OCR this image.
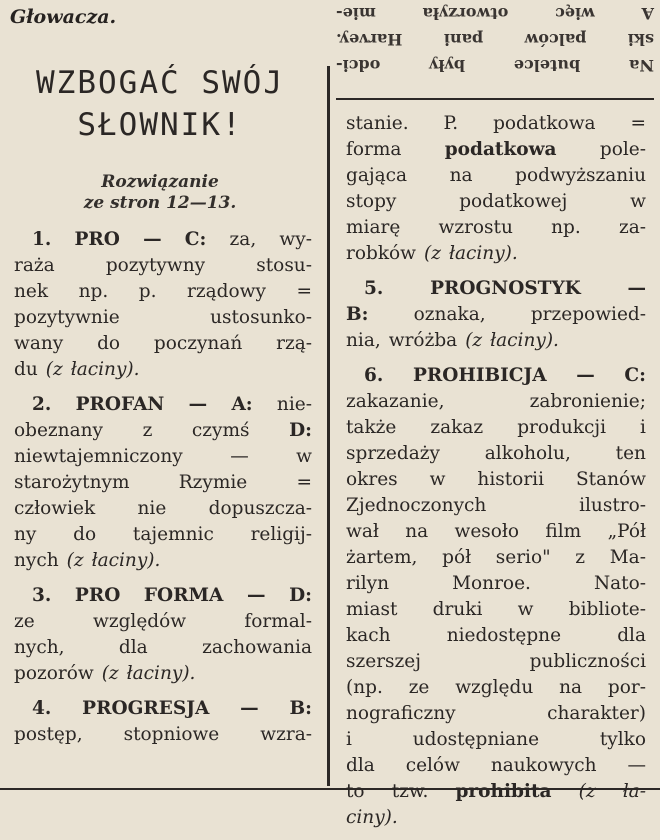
Głowacza.
Na butelce były odci-
ski palców pani Harvey.
A więc otworzyła mie-
WZBOGAĆ SWÓJ
SŁOWNIK!
Rozwiązanie
ze stron 12—13.
1. PRO — C: za, wy-
raża	pozytywny	stosu-
nek np. p. rządowy =
pozytywnie	ustosunko-
wany do poczynań rzą-
du (z łaciny).
2. PROFAN — A: nie-
obeznany z czymś D:
niewtajemniczony	—	w
starożytnym	Rzymie	=
człowiek nie dopuszcza-
ny do tajemnic religij-
nych (z łaciny).
3. PRO FORMA — D:
ze	względów	formal-
nych,	dla	zachowania
pozorów (z łaciny).
4. PROGRESJA — B:
postęp, stopniowe wzra-
stanie. P. podatkowa =
forma podatkowa pole-
gająca na podwyższaniu
stopy	podatkowej	w
miarę wzrostu np. za-
robków (z łaciny).
5.	PROGNOSTYK	—
B: oznaka, przepowied-
nia, wróżba (z łaciny).
6. PROHIBICJA — C:
zakazanie,	zabronienie;
także zakaz produkcji i
sprzedaży alkoholu, ten
okres w historii Stanów
Zjednoczonych	ilustro-
wał na wesoło film „Pół
żartem, pół serio" z Ma-
rilyn	Monroe.	Nato-
miast druki w bibliote-
kach	niedostępne	dla
szerszej	publiczności
(np. ze względu na por-
nograficzny	charakter)
i	udostępniane	tylko
dla celów naukowych —
to tzw. prohibita (z ła-
ciny).
